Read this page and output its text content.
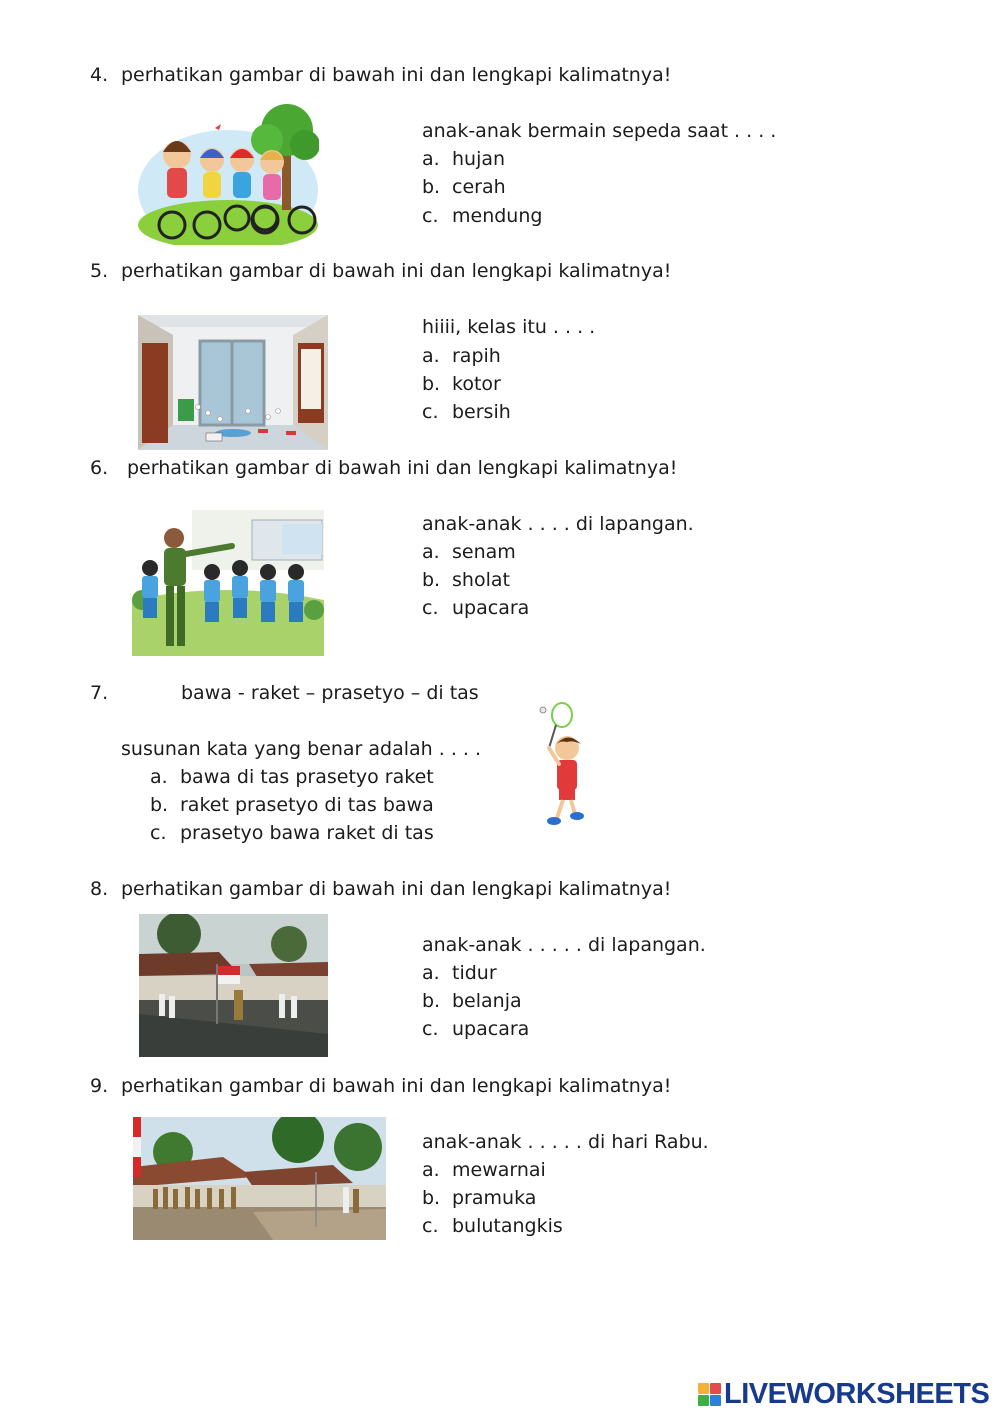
4. perhatikan gambar di bawah ini dan lengkapi kalimatnya!
anak-anak bermain sepeda saat . . . .
a. hujan
b. cerah
c. mendung
5. perhatikan gambar di bawah ini dan lengkapi kalimatnya!
hiiii, kelas itu . . . .
a. rapih
b. kotor
c. bersih
6. perhatikan gambar di bawah ini dan lengkapi kalimatnya!
anak-anak . . . . di lapangan.
a. senam
b. sholat
c. upacara
7.	bawa - raket – prasetyo – di tas
susunan kata yang benar adalah . . . .
a. bawa di tas prasetyo raket
b. raket prasetyo di tas bawa
c. prasetyo bawa raket di tas
8. perhatikan gambar di bawah ini dan lengkapi kalimatnya!
anak-anak . . . . . di lapangan.
a. tidur
b. belanja
c. upacara
9. perhatikan gambar di bawah ini dan lengkapi kalimatnya!
anak-anak . . . . . di hari Rabu.
a. mewarnai
b. pramuka
c. bulutangkis
LIVEWORKSHEETS
